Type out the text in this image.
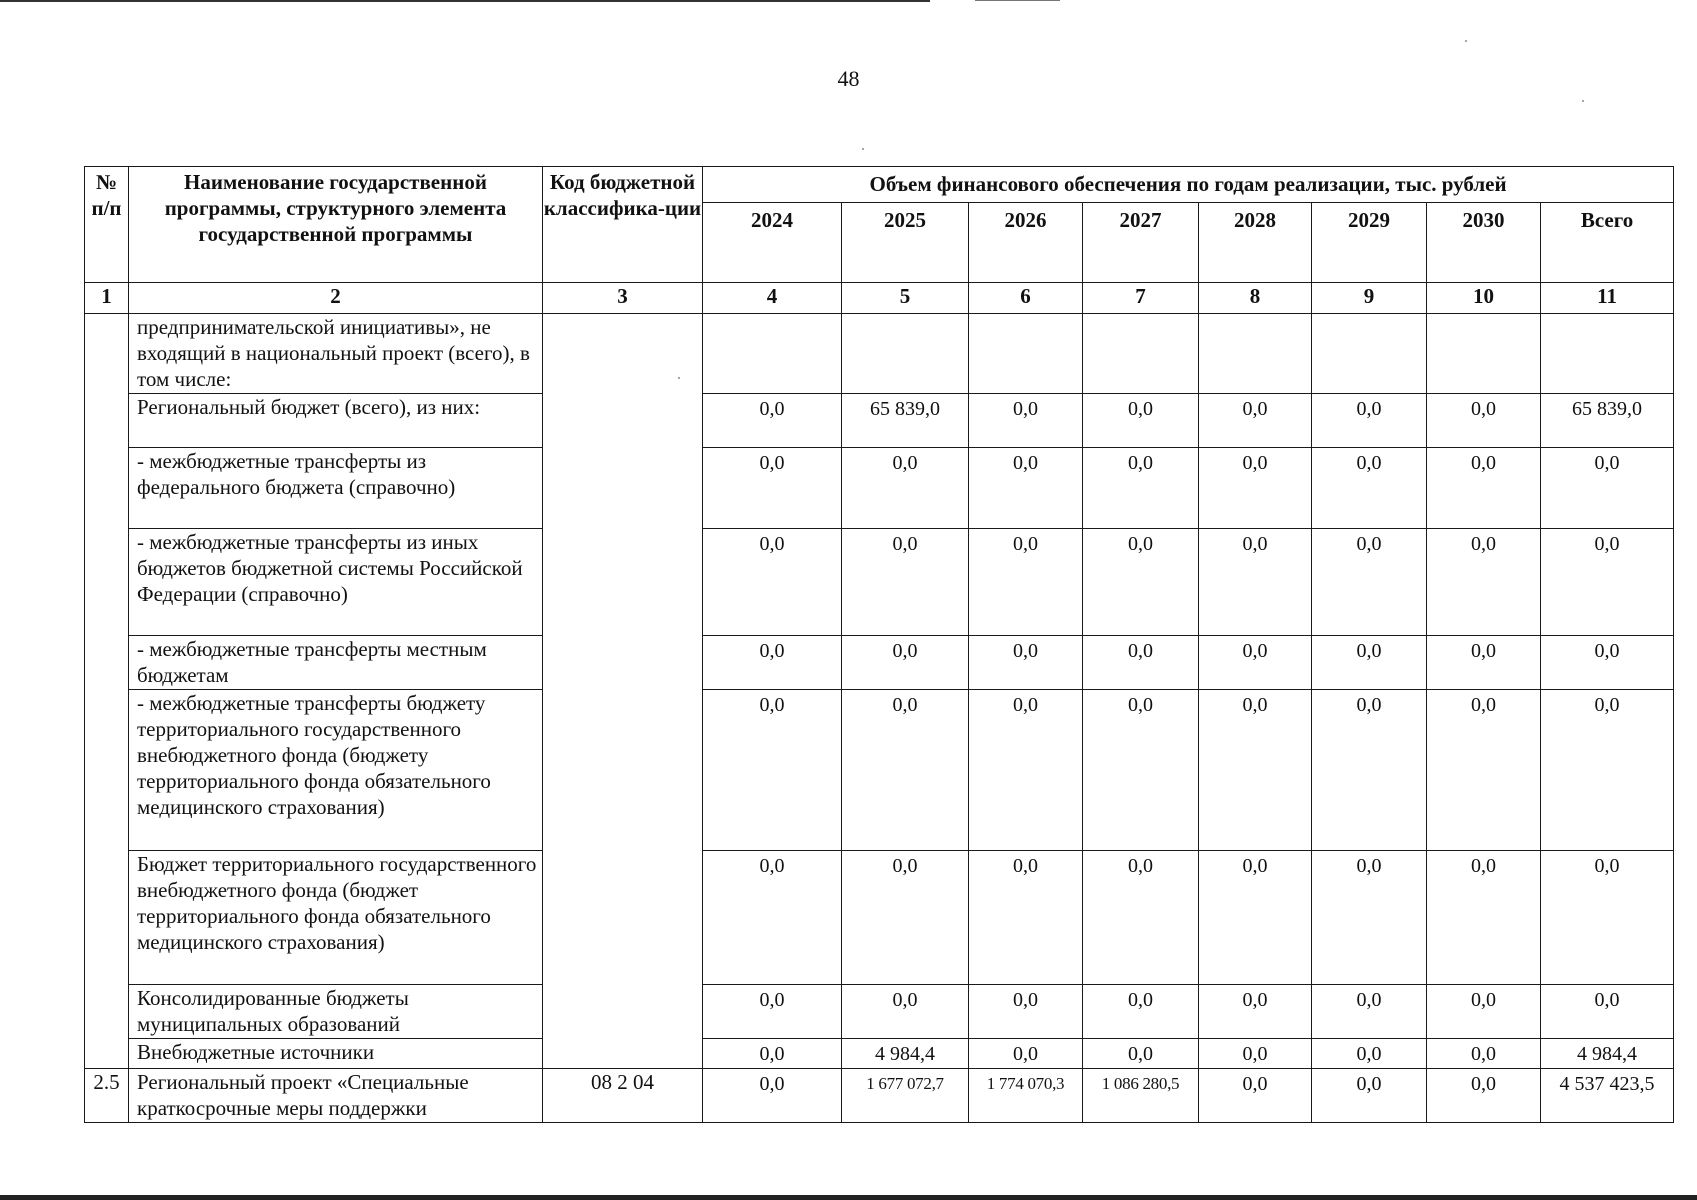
48
№ п/п	Наименование государственной программы, структурного элемента государственной программы	Код бюджетной классифика-ции	Объем финансового обеспечения по годам реализации, тыс. рублей							
			2024	2025	2026	2027	2028	2029	2030	Всего
1	2	3	4	5	6	7	8	9	10	11
	предпринимательской инициативы», не входящий в национальный проект (всего), в том числе:									
	Региональный бюджет (всего), из них:		0,0	65 839,0	0,0	0,0	0,0	0,0	0,0	65 839,0
	- межбюджетные трансферты из федерального бюджета (справочно)		0,0	0,0	0,0	0,0	0,0	0,0	0,0	0,0
	- межбюджетные трансферты из иных бюджетов бюджетной системы Российской Федерации (справочно)		0,0	0,0	0,0	0,0	0,0	0,0	0,0	0,0
	- межбюджетные трансферты местным бюджетам		0,0	0,0	0,0	0,0	0,0	0,0	0,0	0,0
	- межбюджетные трансферты бюджету территориального государственного внебюджетного фонда (бюджету территориального фонда обязательного медицинского страхования)		0,0	0,0	0,0	0,0	0,0	0,0	0,0	0,0
	Бюджет территориального государственного внебюджетного фонда (бюджет территориального фонда обязательного медицинского страхования)		0,0	0,0	0,0	0,0	0,0	0,0	0,0	0,0
	Консолидированные бюджеты муниципальных образований		0,0	0,0	0,0	0,0	0,0	0,0	0,0	0,0
	Внебюджетные источники		0,0	4 984,4	0,0	0,0	0,0	0,0	0,0	4 984,4
2.5	Региональный проект «Специальные краткосрочные меры поддержки	08 2 04	0,0	1 677 072,7	1 774 070,3	1 086 280,5	0,0	0,0	0,0	4 537 423,5
